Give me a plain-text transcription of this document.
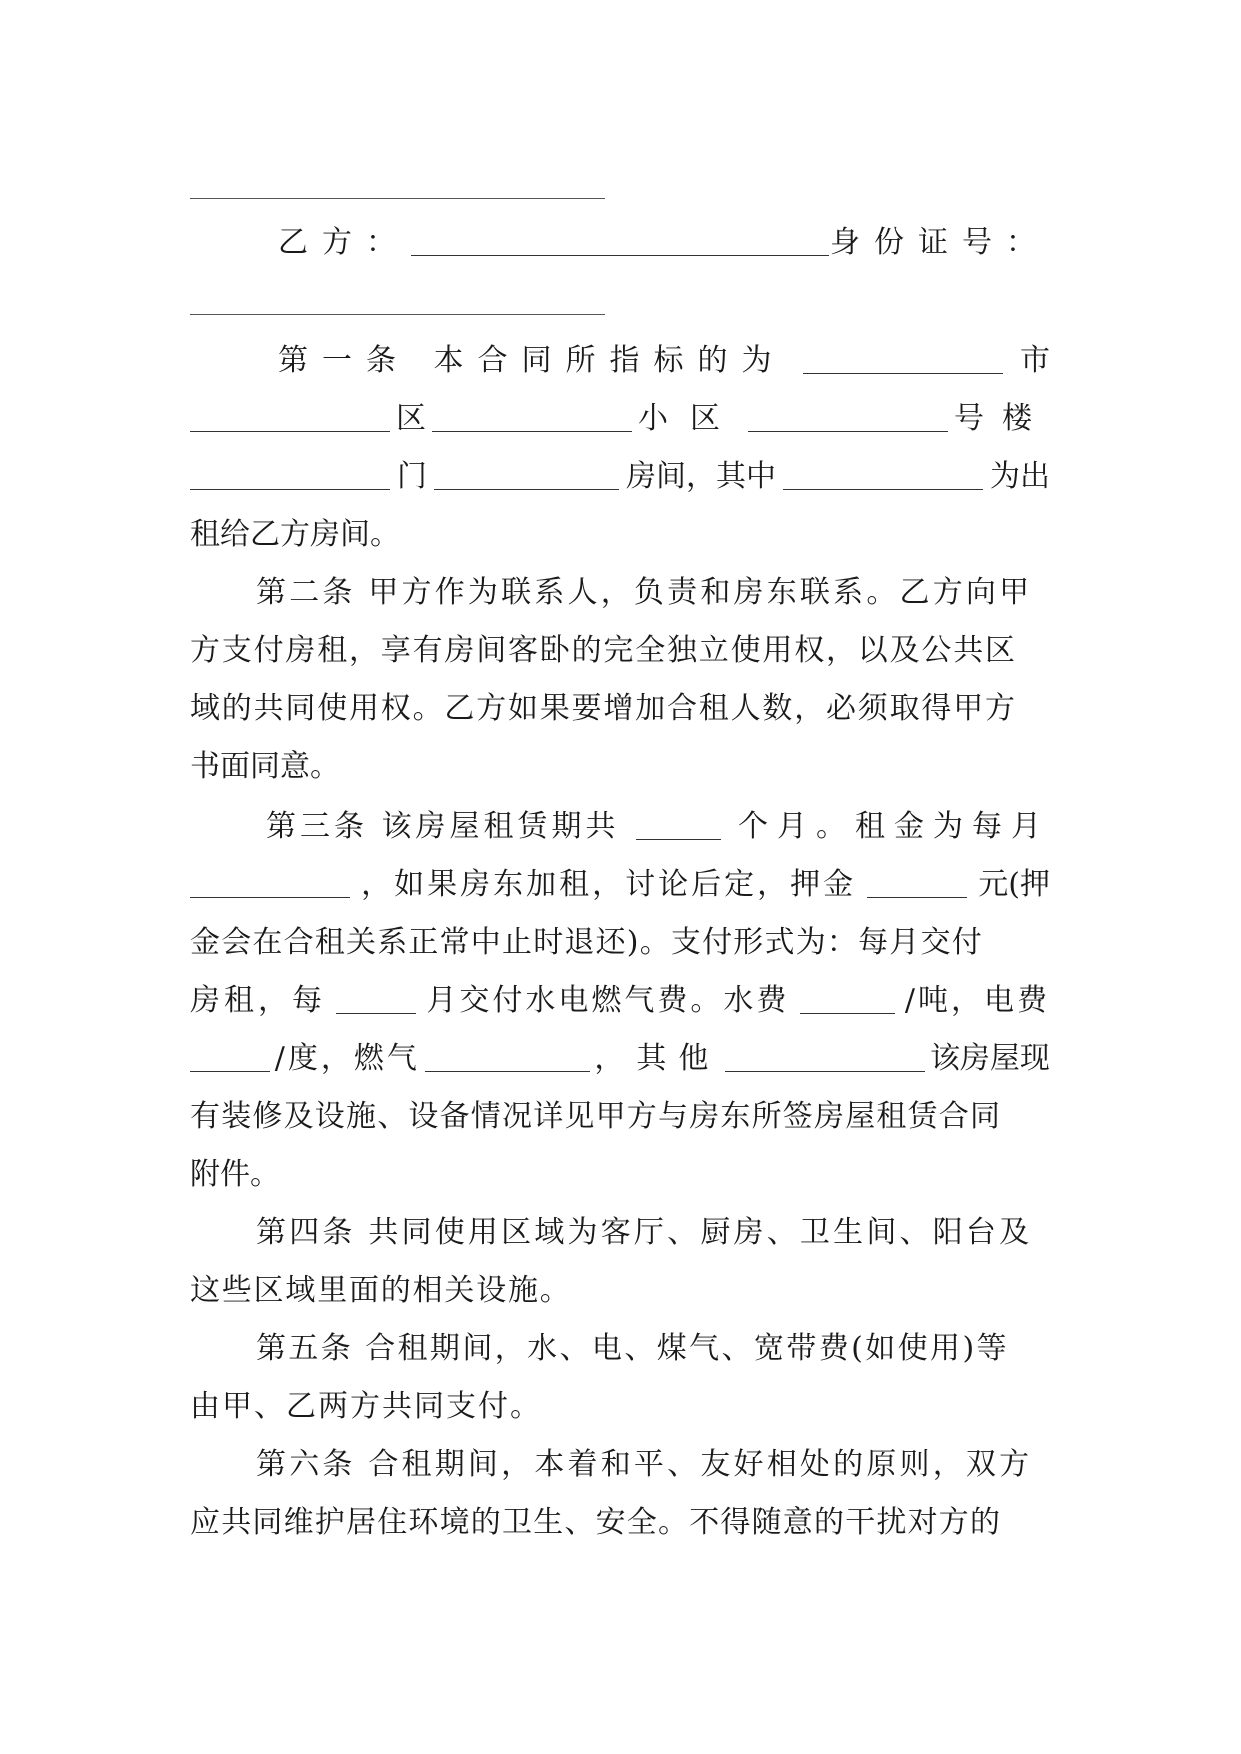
乙方：	身份证号：
第一条 本合同所指标的为	市
区	小区	号楼
门	房间，其中	为出
租给乙方房间。
第二条 甲方作为联系人，负责和房东联系。乙方向甲
方支付房租，享有房间客卧的完全独立使用权，以及公共区
域的共同使用权。乙方如果要增加合租人数，必须取得甲方
书面同意。
第三条 该房屋租赁期共	个月。租金为每月
，如果房东加租，讨论后定，押金	元(押
金会在合租关系正常中止时退还)。支付形式为：每月交付
房租，每	月交付水电燃气费。水费	/吨，电费
/度，燃气	，其他	该房屋现
有装修及设施、设备情况详见甲方与房东所签房屋租赁合同
附件。
第四条 共同使用区域为客厅、厨房、卫生间、阳台及
这些区域里面的相关设施。
第五条 合租期间，水、电、煤气、宽带费(如使用)等
由甲、乙两方共同支付。
第六条 合租期间，本着和平、友好相处的原则，双方
应共同维护居住环境的卫生、安全。不得随意的干扰对方的
